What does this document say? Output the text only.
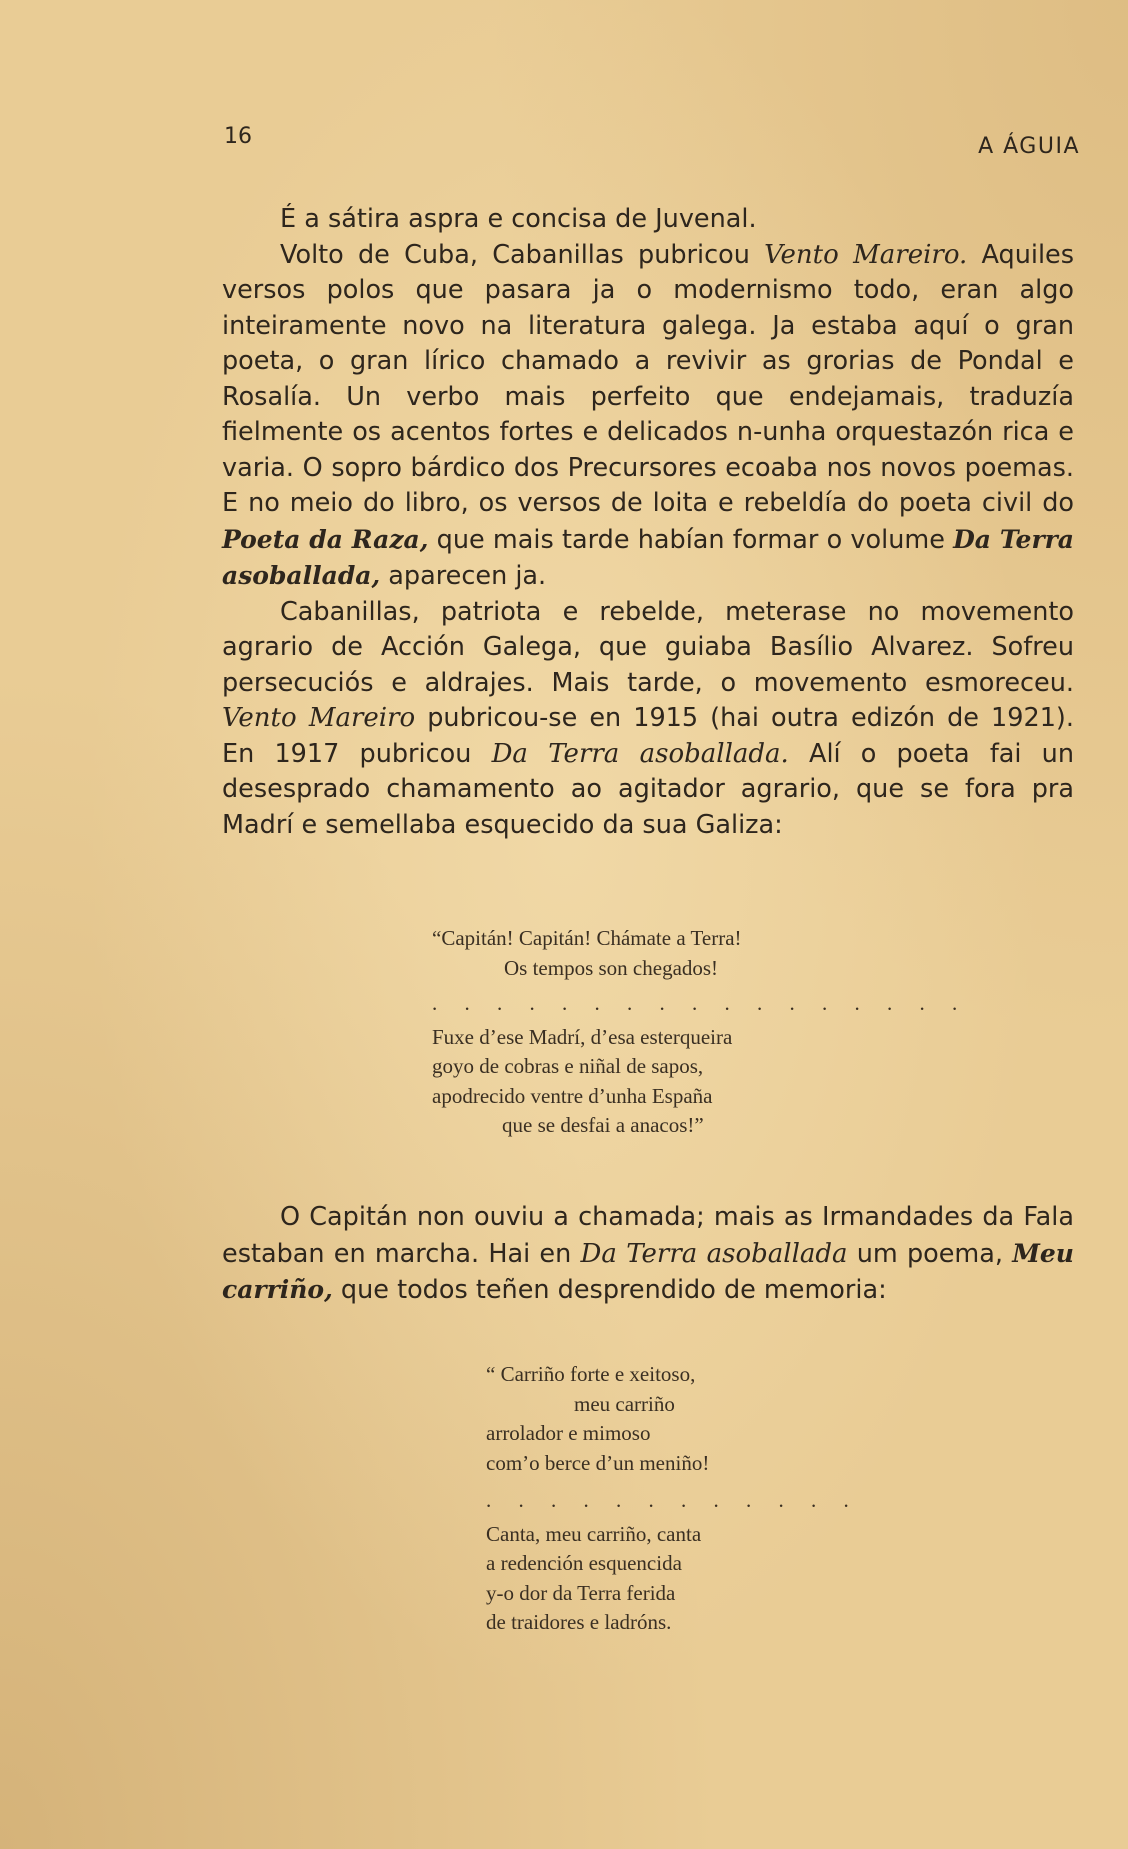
16	A ÁGUIA

É a sátira aspra e concisa de Juvenal.

Volto de Cuba, Cabanillas pubricou Vento Mareiro. Aquiles versos polos que pasara ja o modernismo todo, eran algo inteiramente novo na literatura galega. Ja estaba aquí o gran poeta, o gran lírico chamado a revivir as grorias de Pondal e Rosalía. Un verbo mais perfeito que endejamais, traduzía fielmente os acentos fortes e delicados n-unha orquestazón rica e varia. O sopro bárdico dos Precursores ecoaba nos novos poemas. E no meio do libro, os versos de loita e rebeldía do poeta civil do Poeta da Raza, que mais tarde habían formar o volume Da Terra asoballada, aparecen ja.

Cabanillas, patriota e rebelde, meterase no movemento agrario de Acción Galega, que guiaba Basílio Alvarez. Sofreu persecuciós e aldrajes. Mais tarde, o movemento esmoreceu. Vento Mareiro pubricou-se en 1915 (hai outra edizón de 1921). En 1917 pubricou Da Terra asoballada. Alí o poeta fai un desesprado chamamento ao agitador agrario, que se fora pra Madrí e semellaba esquecido da sua Galiza:

“Capitán! Capitán! Chámate a Terra!
Os tempos son chegados!
. . . . . . . . . . . . . . . . .
Fuxe d’ese Madrí, d’esa esterqueira
goyo de cobras e niñal de sapos,
apodrecido ventre d’unha España
que se desfai a anacos!”

O Capitán non ouviu a chamada; mais as Irmandades da Fala estaban en marcha. Hai en Da Terra asoballada um poema, Meu carriño, que todos teñen desprendido de memoria:

“ Carriño forte e xeitoso,
meu carriño
arrolador e mimoso
com’o berce d’un meniño!
. . . . . . . . . . . .
Canta, meu carriño, canta
a redención esquencida
y-o dor da Terra ferida
de traidores e ladróns.
